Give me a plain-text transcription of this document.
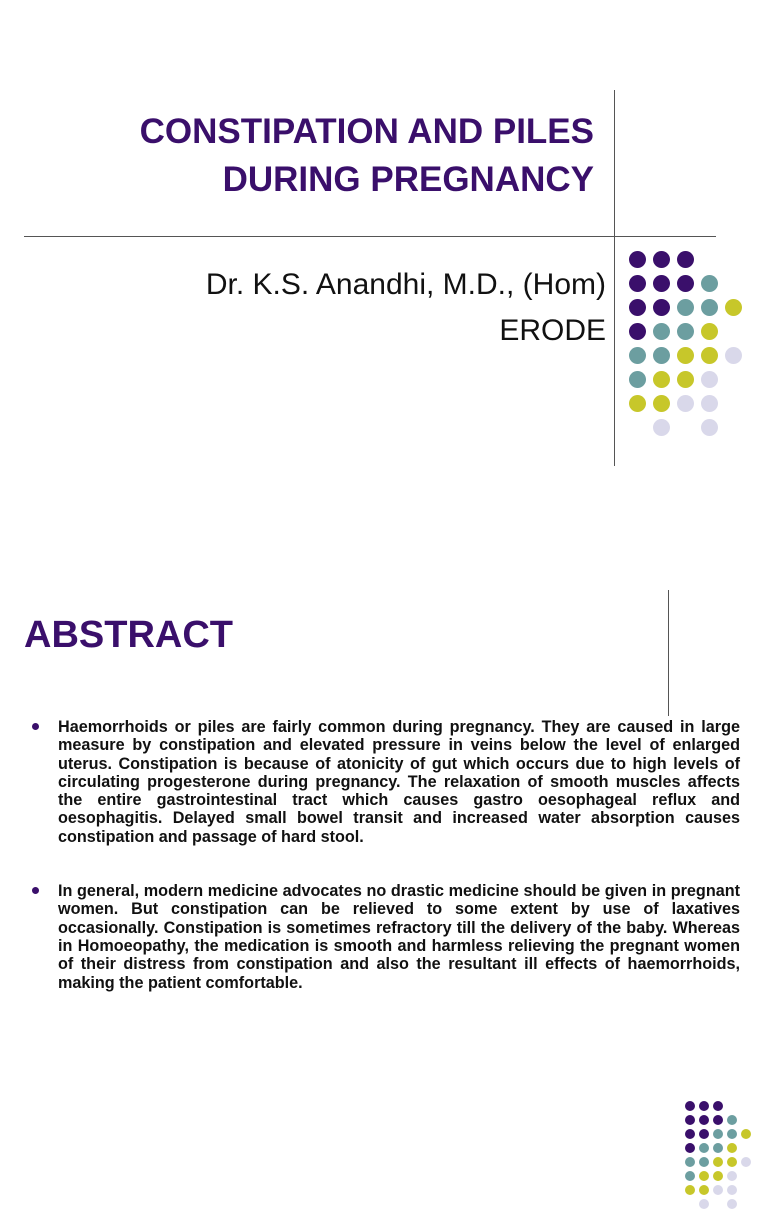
CONSTIPATION AND PILES
DURING PREGNANCY

Dr. K.S. Anandhi, M.D., (Hom)
ERODE

ABSTRACT
Haemorrhoids or piles are fairly common during pregnancy. They are caused in large measure by constipation and elevated pressure in veins below the level of enlarged uterus. Constipation is because of atonicity of gut which occurs due to high levels of circulating progesterone during pregnancy. The relaxation of smooth muscles affects the entire gastrointestinal tract which causes gastro oesophageal reflux and oesophagitis. Delayed small bowel transit and increased water absorption causes constipation and passage of hard stool.
In general, modern medicine advocates no drastic medicine should be given in pregnant women. But constipation can be relieved to some extent by use of laxatives occasionally. Constipation is sometimes refractory till the delivery of the baby. Whereas in Homoeopathy, the medication is smooth and harmless relieving the pregnant women of their distress from constipation and also the resultant ill effects of haemorrhoids, making the patient comfortable.
